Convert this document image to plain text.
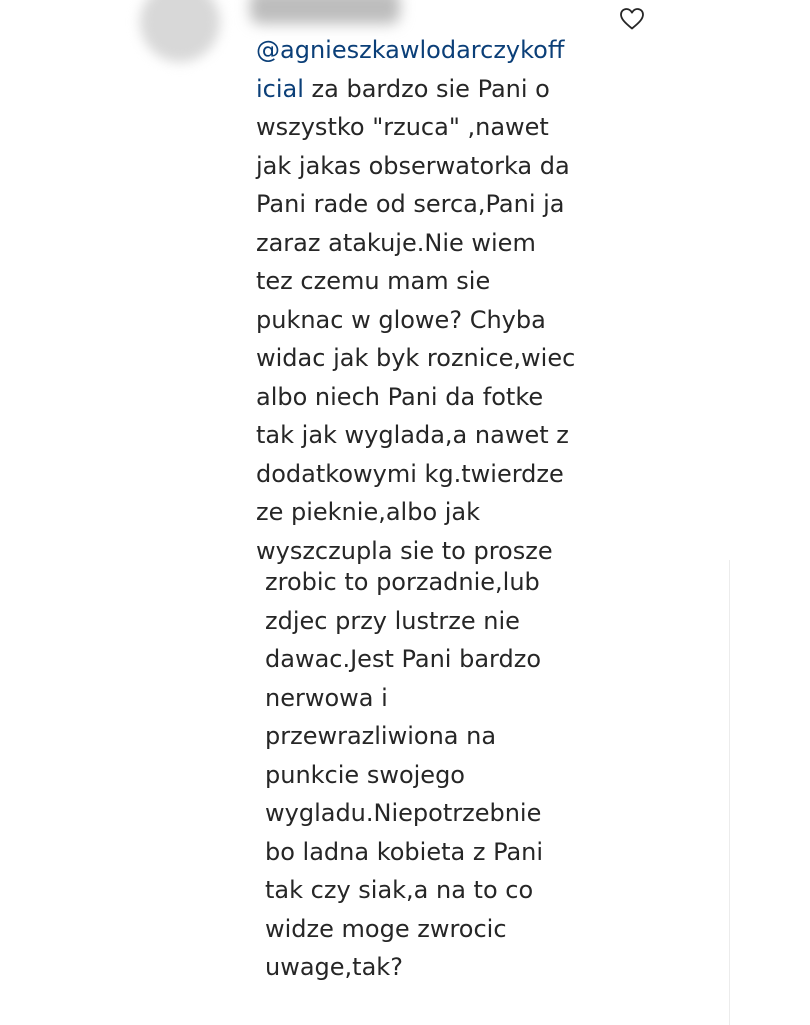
@agnieszkawlodarczykoff
icial za bardzo sie Pani o
wszystko "rzuca" ,nawet
jak jakas obserwatorka da
Pani rade od serca,Pani ja
zaraz atakuje.Nie wiem
tez czemu mam sie
puknac w glowe? Chyba
widac jak byk roznice,wiec
albo niech Pani da fotke
tak jak wyglada,a nawet z
dodatkowymi kg.twierdze
ze pieknie,albo jak
wyszczupla sie to prosze
zrobic to porzadnie,lub
zdjec przy lustrze nie
dawac.Jest Pani bardzo
nerwowa i
przewrazliwiona na
punkcie swojego
wygladu.Niepotrzebnie
bo ladna kobieta z Pani
tak czy siak,a na to co
widze moge zwrocic
uwage,tak?
